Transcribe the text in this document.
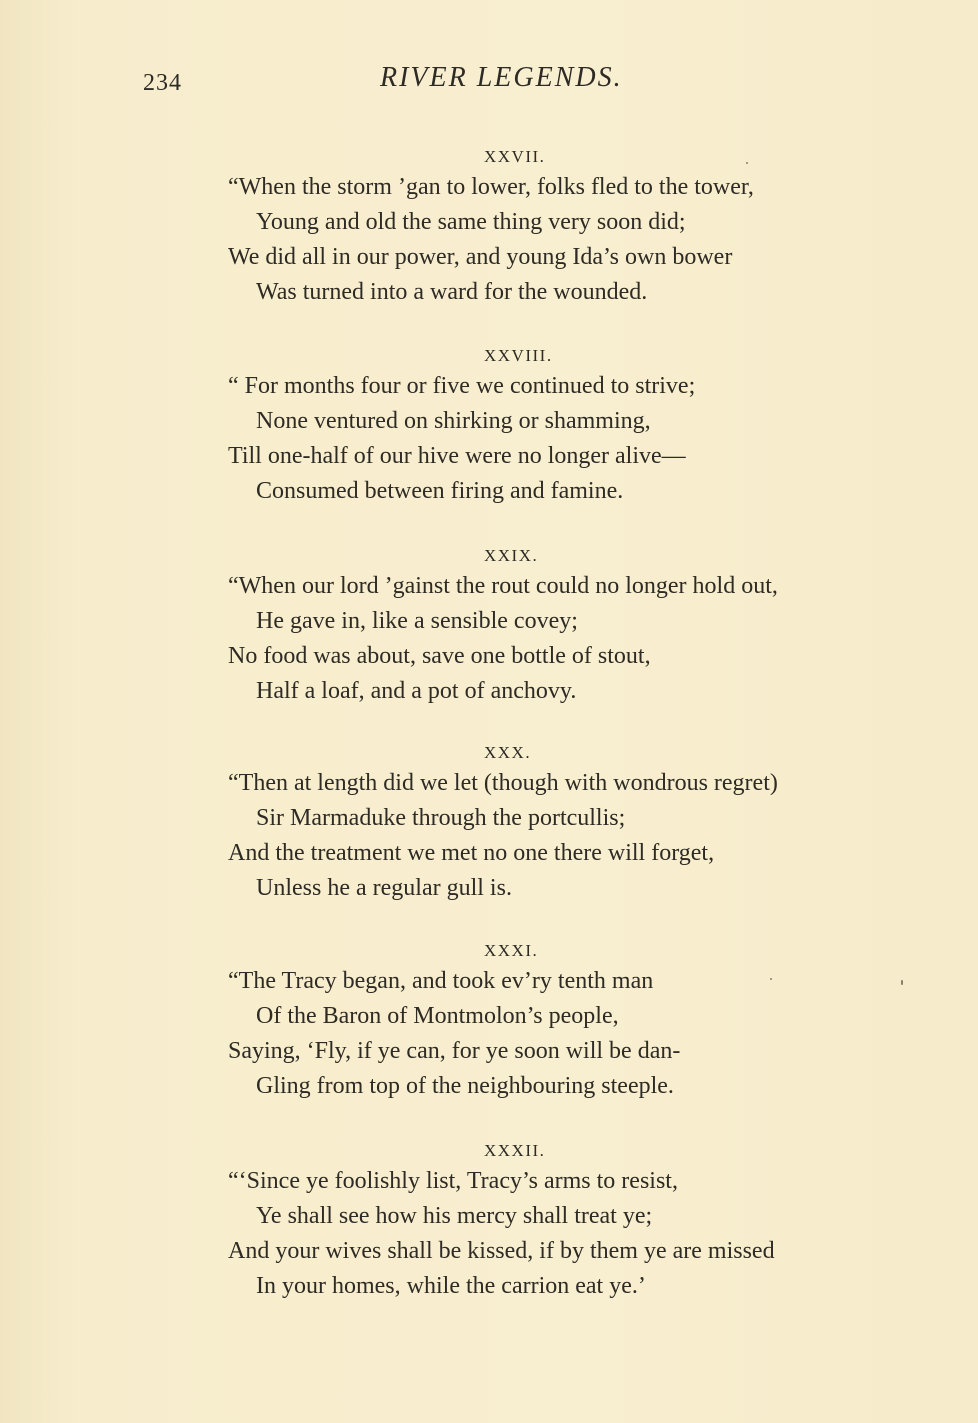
234	RIVER LEGENDS.
XXVII.
“When the storm ’gan to lower, folks fled to the tower,
Young and old the same thing very soon did;
We did all in our power, and young Ida’s own bower
Was turned into a ward for the wounded.
XXVIII.
“ For months four or five we continued to strive;
None ventured on shirking or shamming,
Till one-half of our hive were no longer alive—
Consumed between firing and famine.
XXIX.
“When our lord ’gainst the rout could no longer hold out,
He gave in, like a sensible covey;
No food was about, save one bottle of stout,
Half a loaf, and a pot of anchovy.
XXX.
“Then at length did we let (though with wondrous regret)
Sir Marmaduke through the portcullis;
And the treatment we met no one there will forget,
Unless he a regular gull is.
XXXI.
“The Tracy began, and took ev’ry tenth man
Of the Baron of Montmolon’s people,
Saying, ‘Fly, if ye can, for ye soon will be dan-
Gling from top of the neighbouring steeple.
XXXII.
“‘Since ye foolishly list, Tracy’s arms to resist,
Ye shall see how his mercy shall treat ye;
And your wives shall be kissed, if by them ye are missed
In your homes, while the carrion eat ye.’
